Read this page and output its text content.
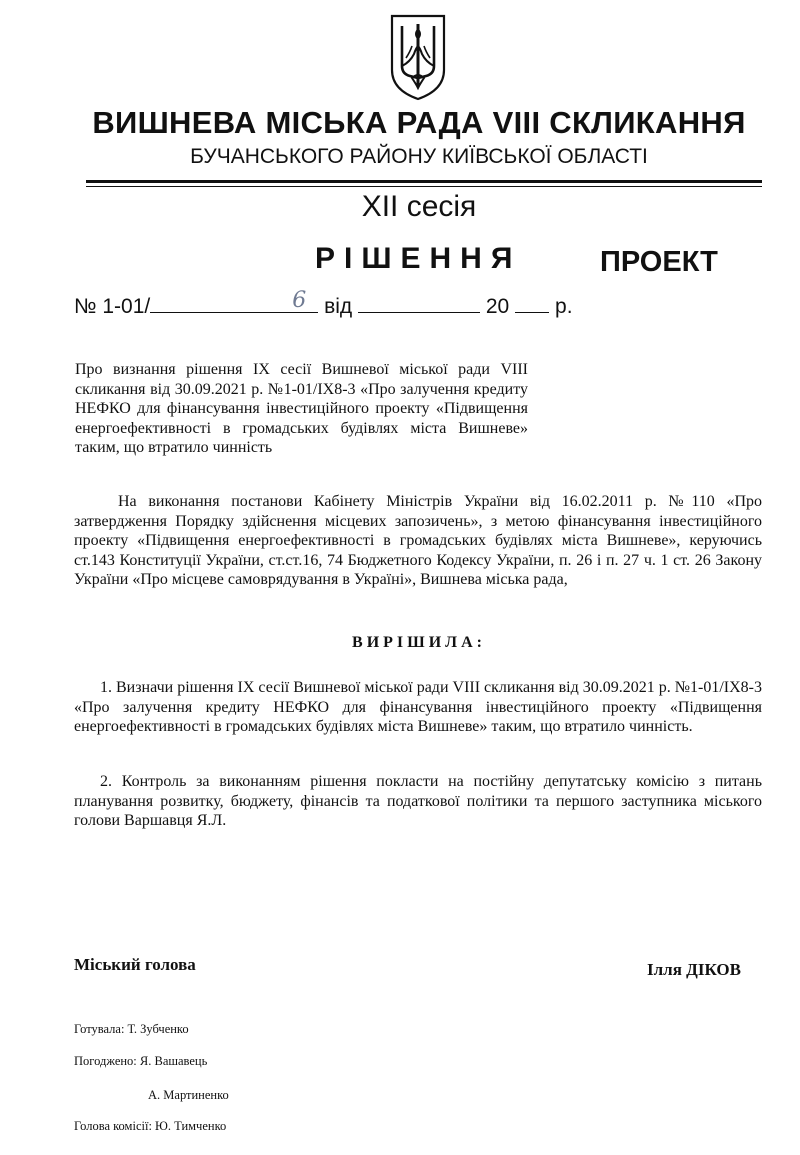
ВИШНЕВА МІСЬКА РАДА VIII СКЛИКАННЯ
БУЧАНСЬКОГО РАЙОНУ КИЇВСЬКОЇ ОБЛАСТІ
XII сесія
РІШЕННЯ	ПРОЕКТ
№ 1-01/	6 від	20 р.
Про визнання рішення IX сесії Вишневої міської ради VIII скликання від 30.09.2021 р. №1-01/IX8-3 «Про залучення кредиту НЕФКО для фінансування інвестиційного проекту «Підвищення енергоефективності в громадських будівлях міста Вишневе» таким, що втратило чинність
На виконання постанови Кабінету Міністрів України від 16.02.2011 р. №110 «Про затвердження Порядку здійснення місцевих запозичень», з метою фінансування інвестиційного проекту «Підвищення енергоефективності в громадських будівлях міста Вишневе», керуючись ст.143 Конституції України, ст.ст.16, 74 Бюджетного Кодексу України, п. 26 і п. 27 ч. 1 ст. 26 Закону України «Про місцеве самоврядування в Україні», Вишнева міська рада,
ВИРІШИЛА:
1. Визначи рішення IX сесії Вишневої міської ради VIII скликання від 30.09.2021 р. №1-01/IX8-3 «Про залучення кредиту НЕФКО для фінансування інвестиційного проекту «Підвищення енергоефективності в громадських будівлях міста Вишневе» таким, що втратило чинність.
2. Контроль за виконанням рішення покласти на постійну депутатську комісію з питань планування розвитку, бюджету, фінансів та податкової політики та першого заступника міського голови Варшавця Я.Л.
Міський голова	Ілля ДІКОВ
Готувала: Т. Зубченко
Погоджено: Я. Вашавець
А. Мартиненко
Голова комісії: Ю. Тимченко
